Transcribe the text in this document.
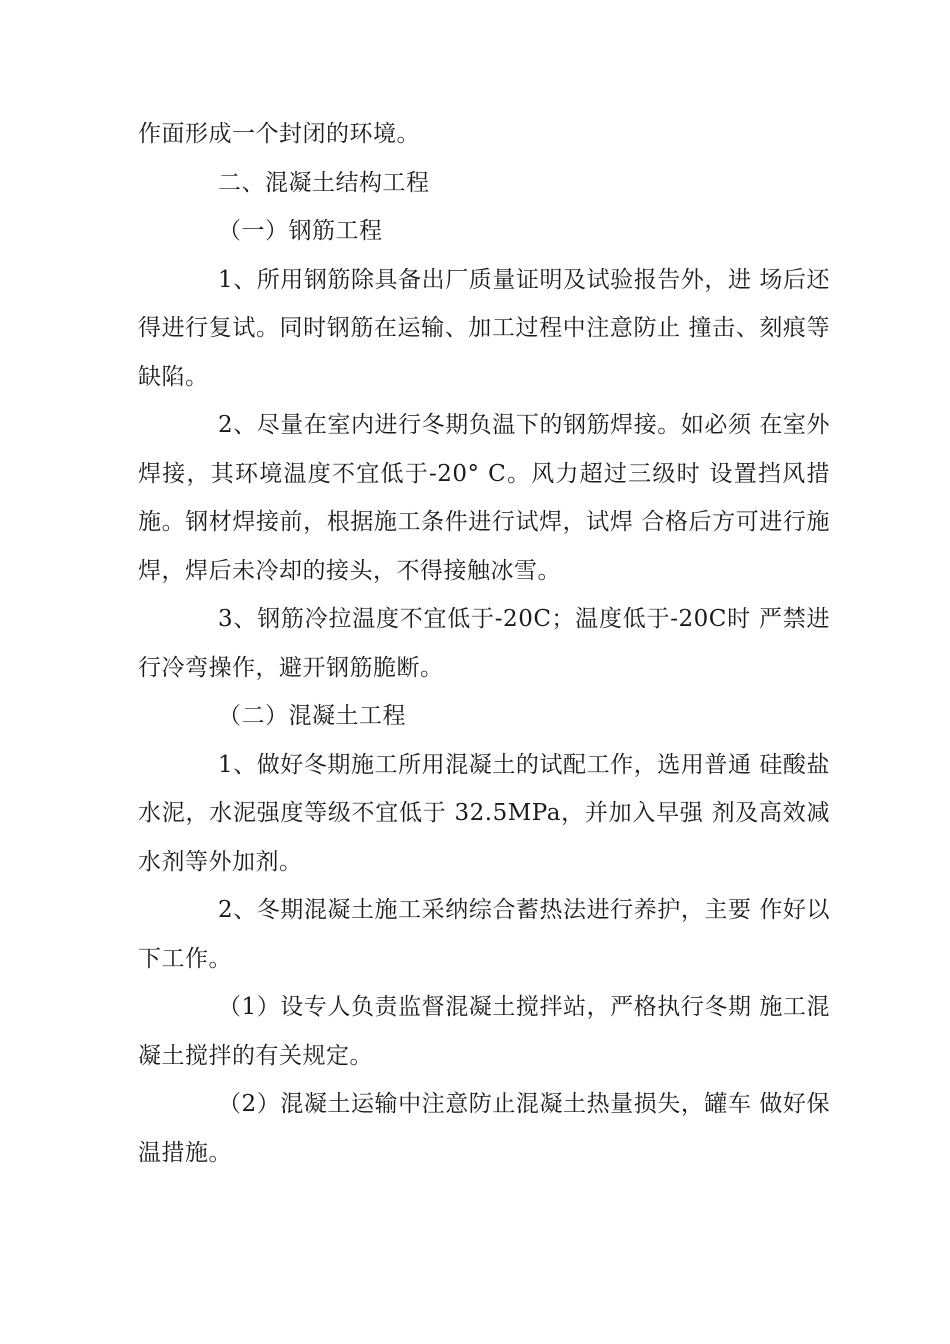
作面形成一个封闭的环境。

二、混凝土结构工程

（一）钢筋工程

1、所用钢筋除具备出厂质量证明及试验报告外，进 场后还得进行复试。同时钢筋在运输、加工过程中注意防止 撞击、刻痕等缺陷。

2、尽量在室内进行冬期负温下的钢筋焊接。如必须 在室外焊接，其环境温度不宜低于-20° C。风力超过三级时 设置挡风措施。钢材焊接前，根据施工条件进行试焊，试焊 合格后方可进行施焊，焊后未冷却的接头，不得接触冰雪。

3、钢筋冷拉温度不宜低于-20C；温度低于-20C时 严禁进行冷弯操作，避开钢筋脆断。

（二）混凝土工程

1、做好冬期施工所用混凝土的试配工作，选用普通 硅酸盐水泥，水泥强度等级不宜低于 32.5MPa，并加入早强 剂及高效减水剂等外加剂。

2、冬期混凝土施工采纳综合蓄热法进行养护，主要 作好以下工作。

（1）设专人负责监督混凝土搅拌站，严格执行冬期 施工混凝土搅拌的有关规定。

（2）混凝土运输中注意防止混凝土热量损失，罐车 做好保温措施。
